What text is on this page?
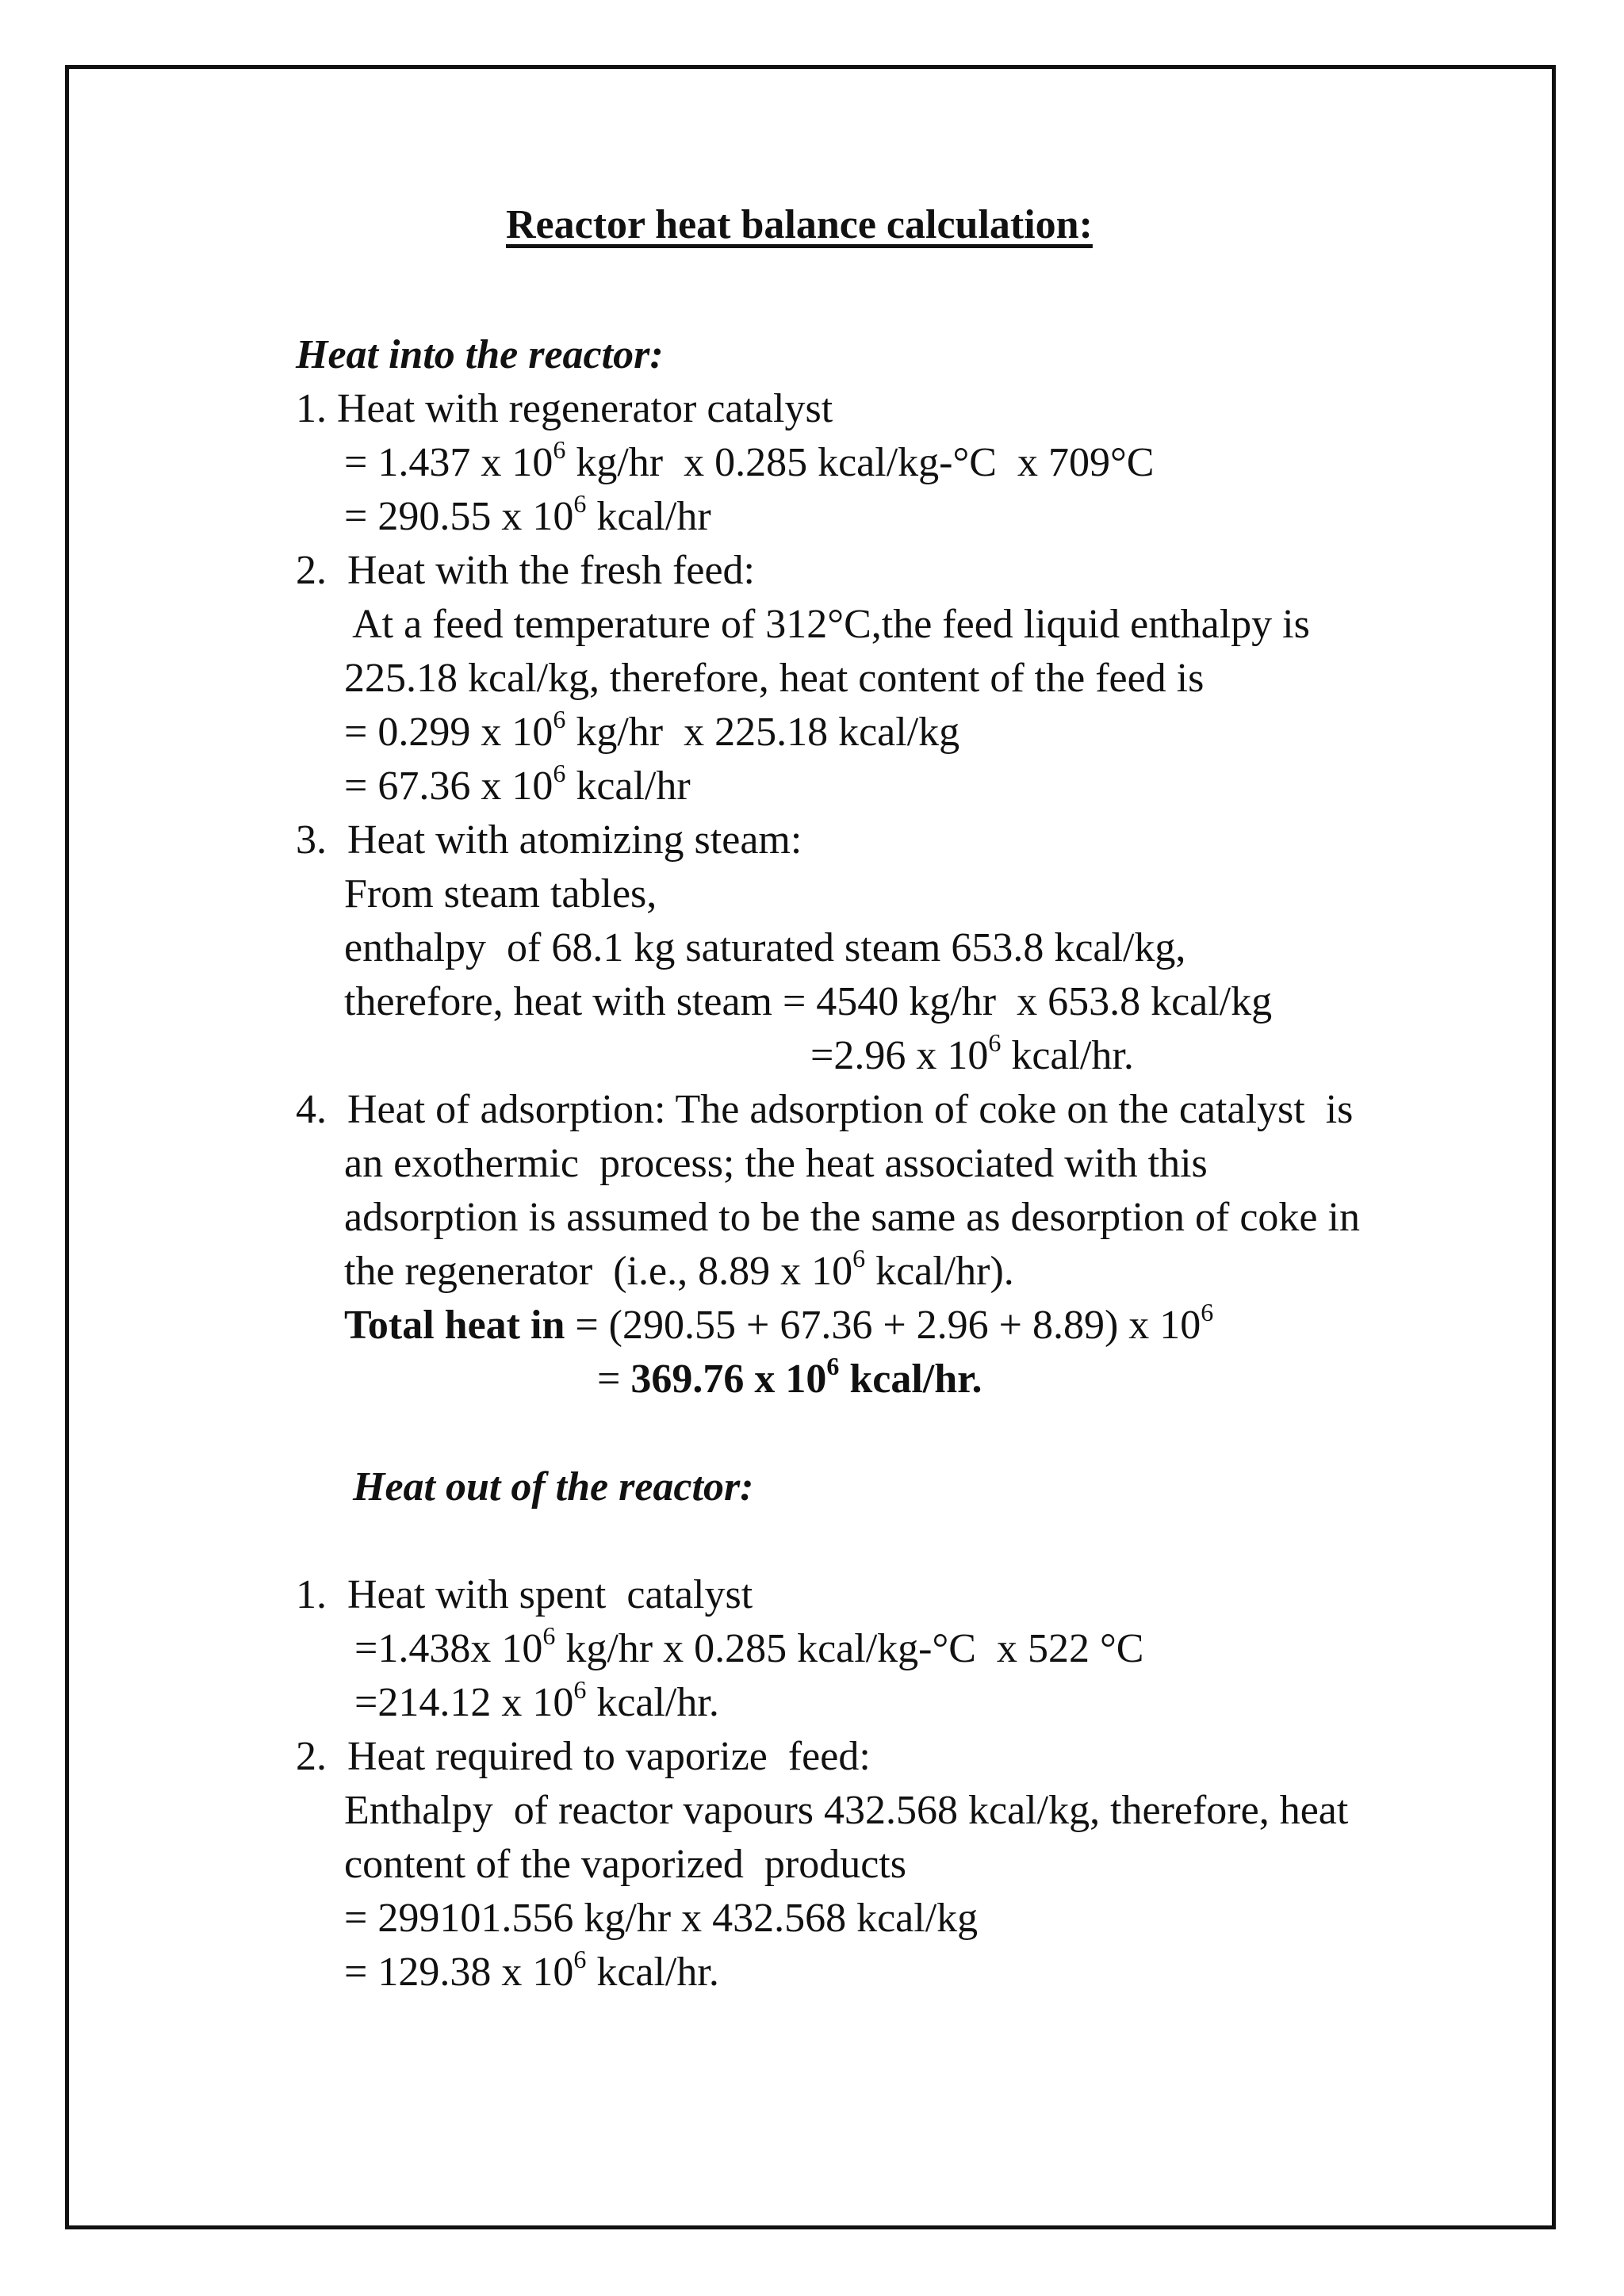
Reactor heat balance calculation:
Heat into the reactor:
1. Heat with regenerator catalyst
= 1.437 x $10^6$ kg/hr  x 0.285 kcal/kg-°C  x 709°C
= 290.55 x $10^6$ kcal/hr
2.  Heat with the fresh feed:
At a feed temperature of 312°C,the feed liquid enthalpy is
225.18 kcal/kg, therefore, heat content of the feed is
= 0.299 x $10^6$ kg/hr  x 225.18 kcal/kg
= 67.36 x $10^6$ kcal/hr
3.  Heat with atomizing steam:
From steam tables,
enthalpy  of 68.1 kg saturated steam 653.8 kcal/kg,
therefore, heat with steam = 4540 kg/hr  x 653.8 kcal/kg
=2.96 x $10^6$ kcal/hr.
4.  Heat of adsorption: The adsorption of coke on the catalyst  is
an exothermic  process; the heat associated with this
adsorption is assumed to be the same as desorption of coke in
the regenerator  (i.e., 8.89 x $10^6$ kcal/hr).
Total heat in = (290.55 + 67.36 + 2.96 + 8.89) x $10^6$
= 369.76 x $10^6$ kcal/hr.
Heat out of the reactor:
1.  Heat with spent  catalyst
=1.438x $10^6$ kg/hr x 0.285 kcal/kg-°C  x 522 °C
=214.12 x $10^6$ kcal/hr.
2.  Heat required to vaporize  feed:
Enthalpy  of reactor vapours 432.568 kcal/kg, therefore, heat
content of the vaporized  products
= 299101.556 kg/hr x 432.568 kcal/kg
= 129.38 x $10^6$ kcal/hr.
